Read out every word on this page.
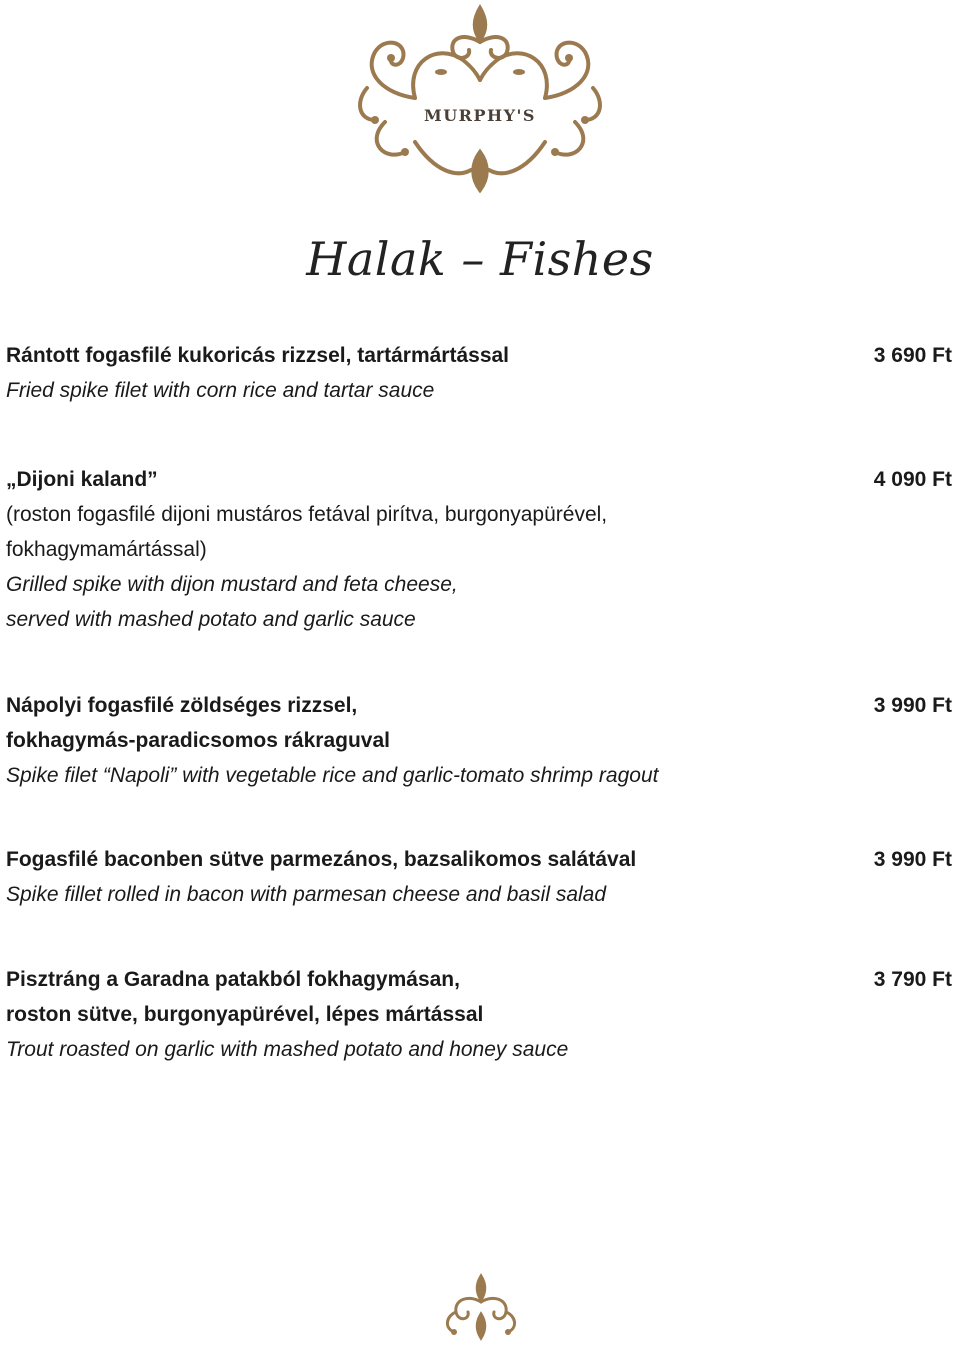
MURPHY'S
Halak – Fishes
Rántott fogasfilé kukoricás rizzsel, tartármártással
Fried spike filet with corn rice and tartar sauce
3 690 Ft
„Dijoni kaland”
(roston fogasfilé dijoni mustáros fetával pirítva, burgonyapürével,
fokhagymamártással)
Grilled spike with dijon mustard and feta cheese,
served with mashed potato and garlic sauce
4 090 Ft
Nápolyi fogasfilé zöldséges rizzsel,
fokhagymás-paradicsomos rákraguval
Spike filet “Napoli” with vegetable rice and garlic-tomato shrimp ragout
3 990 Ft
Fogasfilé baconben sütve parmezános, bazsalikomos salátával
Spike fillet rolled in bacon with parmesan cheese and basil salad
3 990 Ft
Pisztráng a Garadna patakból fokhagymásan,
roston sütve, burgonyapürével, lépes mártással
Trout roasted on garlic with mashed potato and honey sauce
3 790 Ft
